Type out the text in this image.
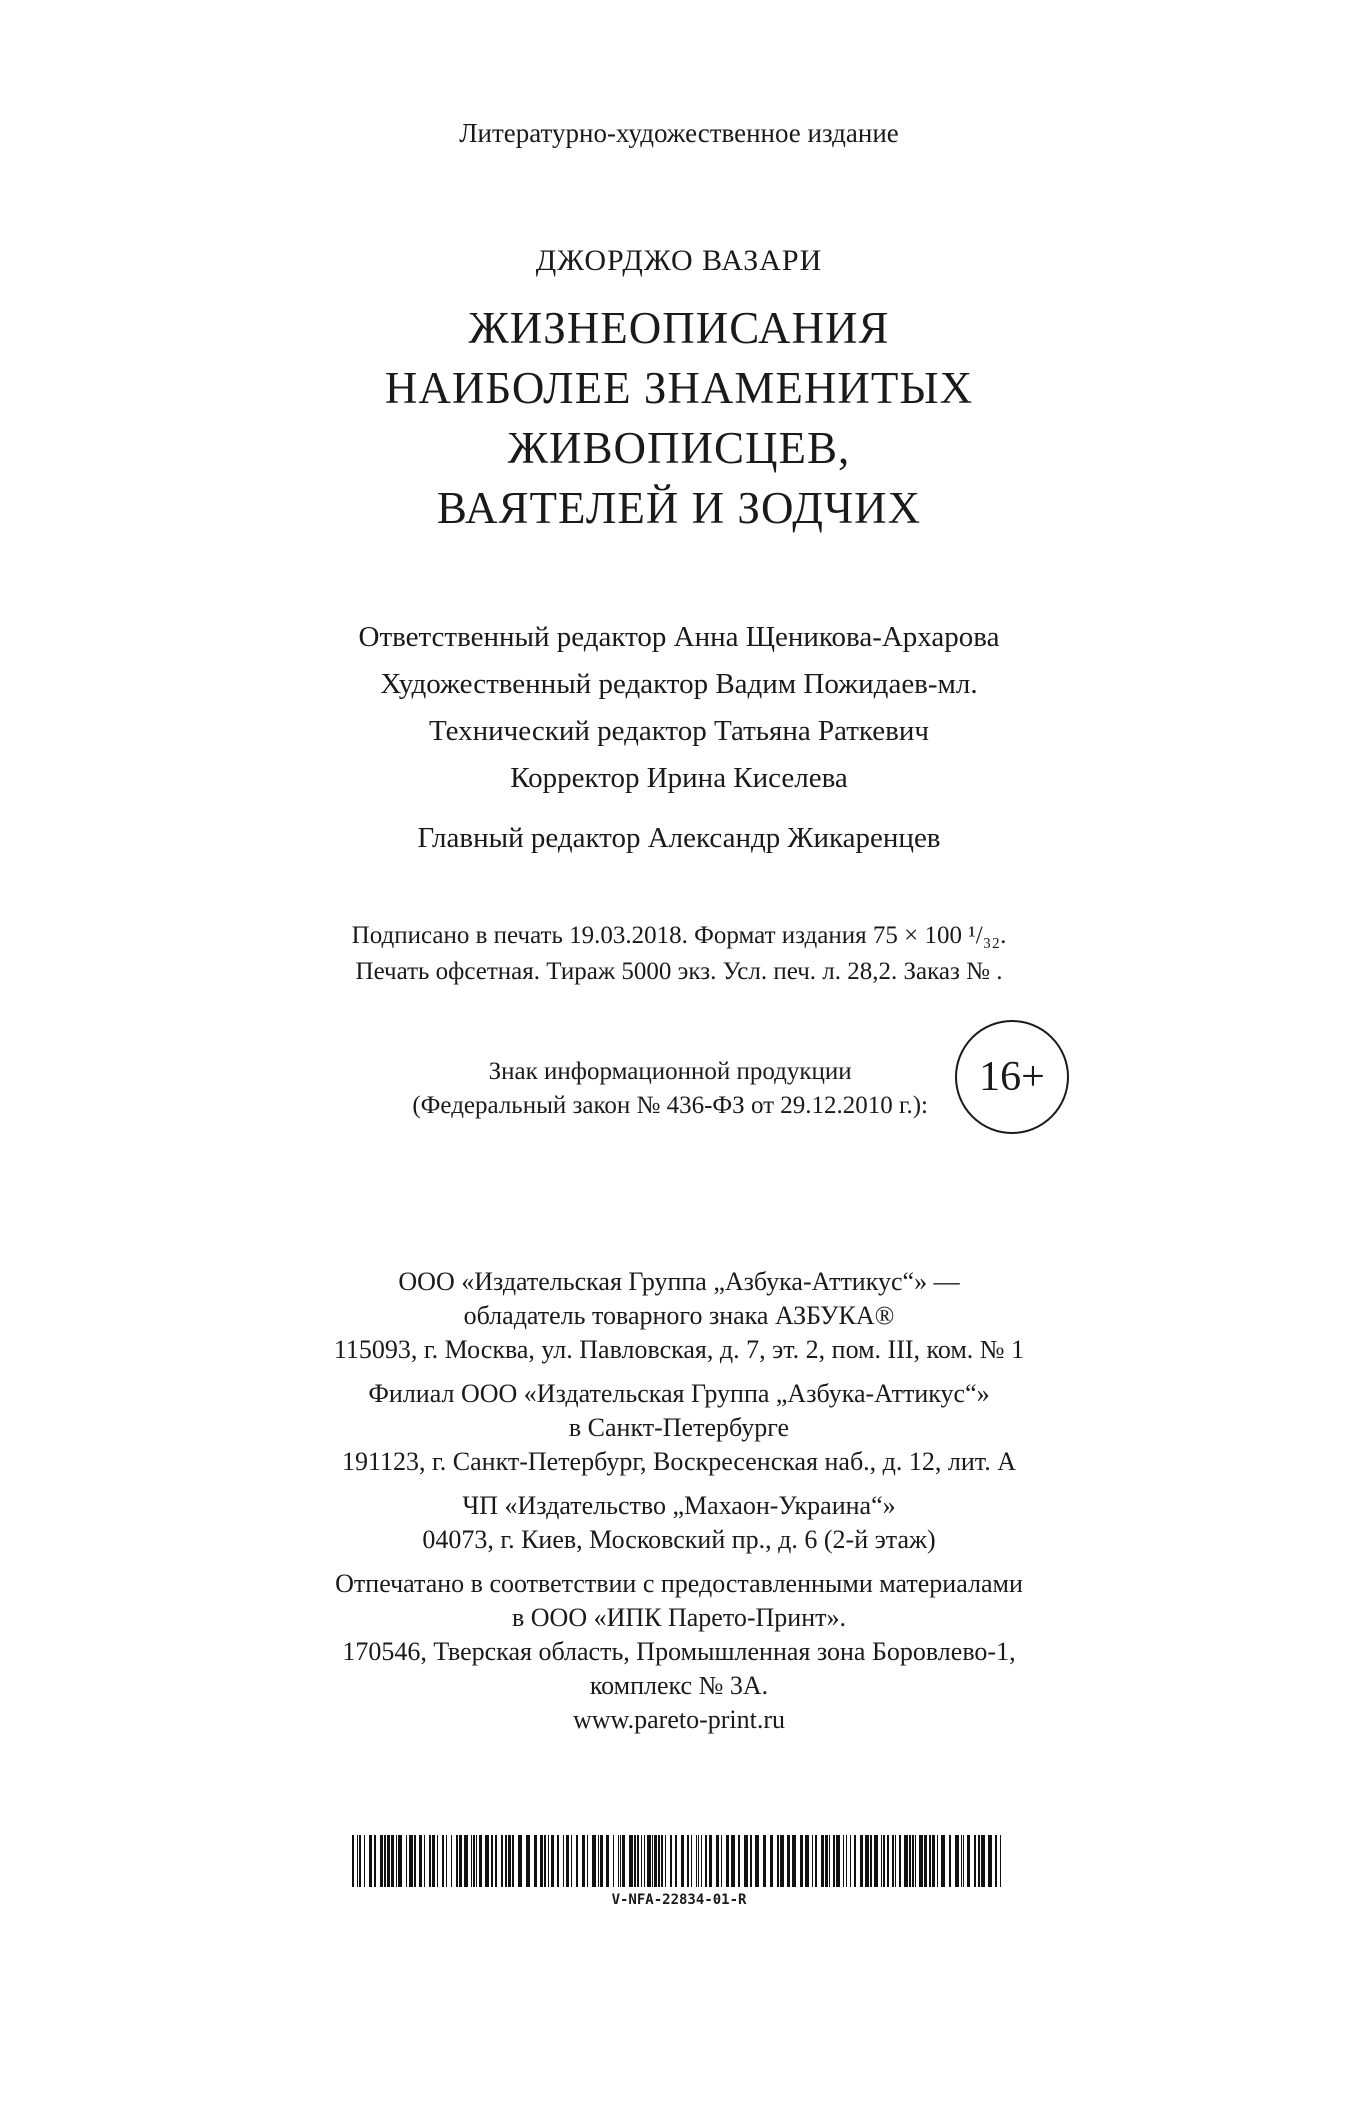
Литературно-художественное издание
ДЖОРДЖО ВАЗАРИ
ЖИЗНЕОПИСАНИЯ
НАИБОЛЕЕ ЗНАМЕНИТЫХ
ЖИВОПИСЦЕВ,
ВАЯТЕЛЕЙ И ЗОДЧИХ
Ответственный редактор Анна Щеникова-Архарова
Художественный редактор Вадим Пожидаев-мл.
Технический редактор Татьяна Раткевич
Корректор Ирина Киселева
Главный редактор Александр Жикаренцев
Подписано в печать 19.03.2018. Формат издания 75 × 100 ¹/₃₂.
Печать офсетная. Тираж 5000 экз. Усл. печ. л. 28,2. Заказ № .
Знак информационной продукции
(Федеральный закон № 436-ФЗ от 29.12.2010 г.):
16+
ООО «Издательская Группа „Азбука-Аттикус“» —
обладатель товарного знака АЗБУКА®
115093, г. Москва, ул. Павловская, д. 7, эт. 2, пом. III, ком. № 1
Филиал ООО «Издательская Группа „Азбука-Аттикус“»
в Санкт-Петербурге
191123, г. Санкт-Петербург, Воскресенская наб., д. 12, лит. А
ЧП «Издательство „Махаон-Украина“»
04073, г. Киев, Московский пр., д. 6 (2-й этаж)
Отпечатано в соответствии с предоставленными материалами
в ООО «ИПК Парето-Принт».
170546, Тверская область, Промышленная зона Боровлево-1,
комплекс № 3А.
www.pareto-print.ru
V-NFA-22834-01-R
